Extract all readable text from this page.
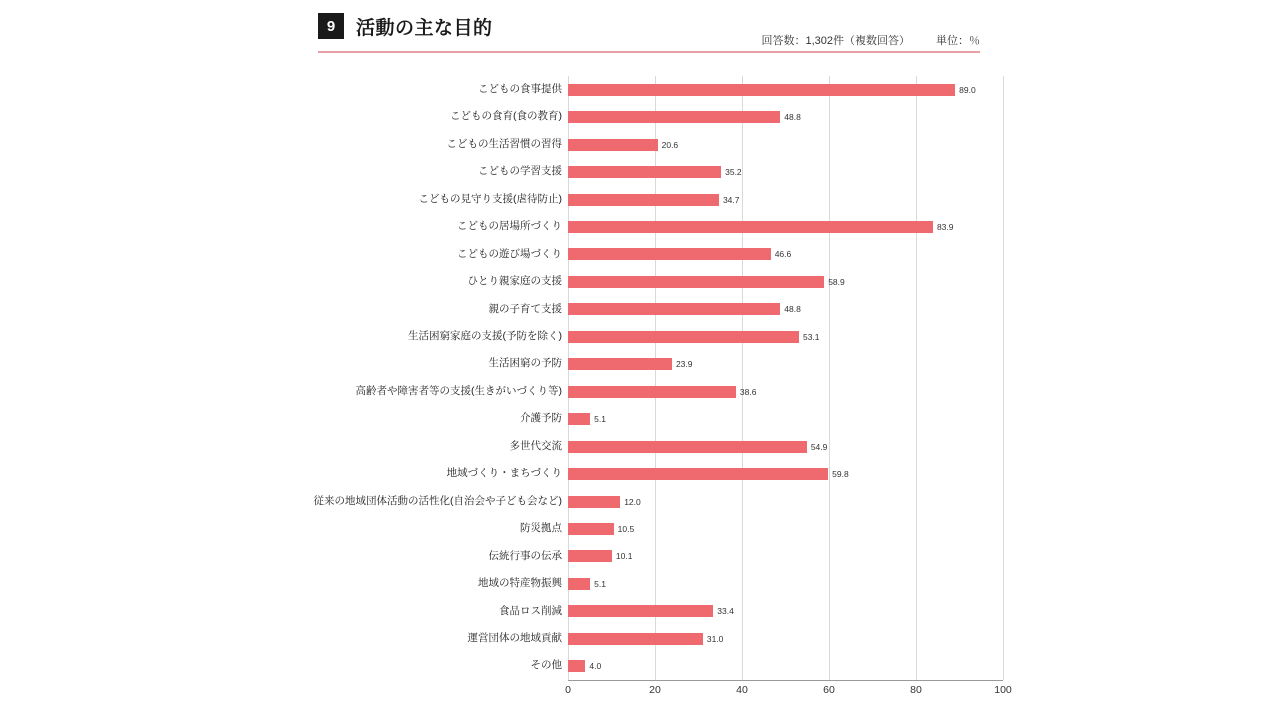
9	活動の主な目的
回答数：1,302件（複数回答） 単位：％
0	20	40	60	80	100
こどもの食事提供	89.0
こどもの食育(食の教育)	48.8
こどもの生活習慣の習得	20.6
こどもの学習支援	35.2
こどもの見守り支援(虐待防止)	34.7
こどもの居場所づくり	83.9
こどもの遊び場づくり	46.6
ひとり親家庭の支援	58.9
親の子育て支援	48.8
生活困窮家庭の支援(予防を除く)	53.1
生活困窮の予防	23.9
高齢者や障害者等の支援(生きがいづくり等)	38.6
介護予防	5.1
多世代交流	54.9
地域づくり・まちづくり	59.8
従来の地域団体活動の活性化(自治会や子ども会など)	12.0
防災拠点	10.5
伝統行事の伝承	10.1
地域の特産物振興	5.1
食品ロス削減	33.4
運営団体の地域貢献	31.0
その他	4.0
